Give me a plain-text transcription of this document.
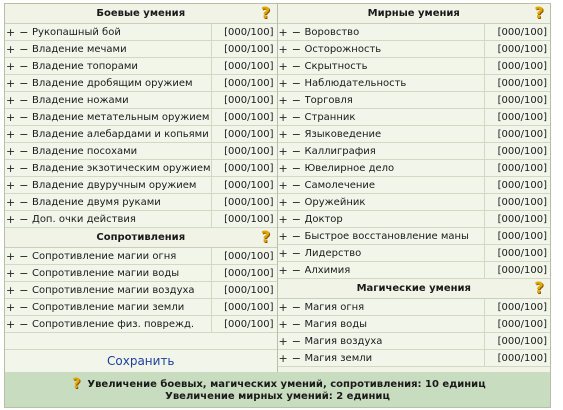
Боевые умения	?
+ − Рукопашный бой	[000/100]
+ − Владение мечами	[000/100]
+ − Владение топорами	[000/100]
+ − Владение дробящим оружием	[000/100]
+ − Владение ножами	[000/100]
+ − Владение метательным оружием	[000/100]
+ − Владение алебардами и копьями	[000/100]
+ − Владение посохами	[000/100]
+ − Владение экзотическим оружием	[000/100]
+ − Владение двуручным оружием	[000/100]
+ − Владение двумя руками	[000/100]
+ − Доп. очки действия	[000/100]
Сопротивления	?
+ − Сопротивление магии огня	[000/100]
+ − Сопротивление магии воды	[000/100]
+ − Сопротивление магии воздуха	[000/100]
+ − Сопротивление магии земли	[000/100]
+ − Сопротивление физ. поврежд.	[000/100]
Сохранить
Мирные умения	?
+ − Воровство	[000/100]
+ − Осторожность	[000/100]
+ − Скрытность	[000/100]
+ − Наблюдательность	[000/100]
+ − Торговля	[000/100]
+ − Странник	[000/100]
+ − Языковедение	[000/100]
+ − Каллиграфия	[000/100]
+ − Ювелирное дело	[000/100]
+ − Самолечение	[000/100]
+ − Оружейник	[000/100]
+ − Доктор	[000/100]
+ − Быстрое восстановление маны	[000/100]
+ − Лидерство	[000/100]
+ − Алхимия	[000/100]
Магические умения	?
+ − Магия огня	[000/100]
+ − Магия воды	[000/100]
+ − Магия воздуха	[000/100]
+ − Магия земли	[000/100]
? Увеличение боевых, магических умений, сопротивления: 10 единиц
Увеличение мирных умений: 2 единиц
